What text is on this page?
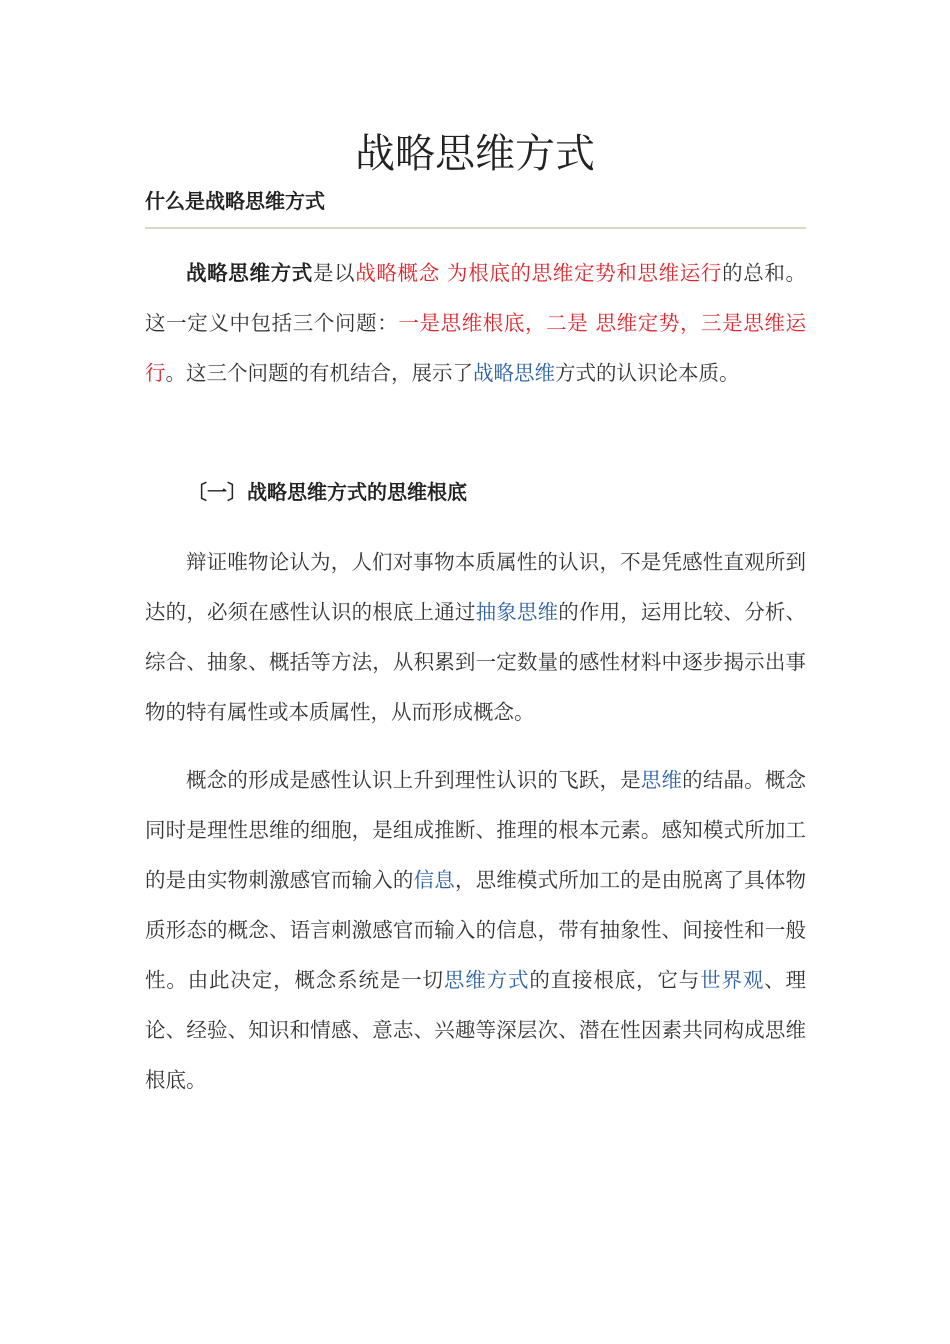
战略思维方式
什么是战略思维方式

战略思维方式是以战略概念 为根底的思维定势和思维运行的总和。这一定义中包括三个问题：一是思维根底，二是 思维定势，三是思维运行。这三个问题的有机结合，展示了战略思维方式的认识论本质。

〔一〕战略思维方式的思维根底

辩证唯物论认为，人们对事物本质属性的认识，不是凭感性直观所到达的，必须在感性认识的根底上通过抽象思维的作用，运用比较、分析、综合、抽象、概括等方法，从积累到一定数量的感性材料中逐步揭示出事物的特有属性或本质属性，从而形成概念。

概念的形成是感性认识上升到理性认识的飞跃，是思维的结晶。概念同时是理性思维的细胞，是组成推断、推理的根本元素。感知模式所加工的是由实物刺激感官而输入的信息，思维模式所加工的是由脱离了具体物质形态的概念、语言刺激感官而输入的信息，带有抽象性、间接性和一般性。由此决定，概念系统是一切思维方式的直接根底，它与世界观、理论、经验、知识和情感、意志、兴趣等深层次、潜在性因素共同构成思维根底。
